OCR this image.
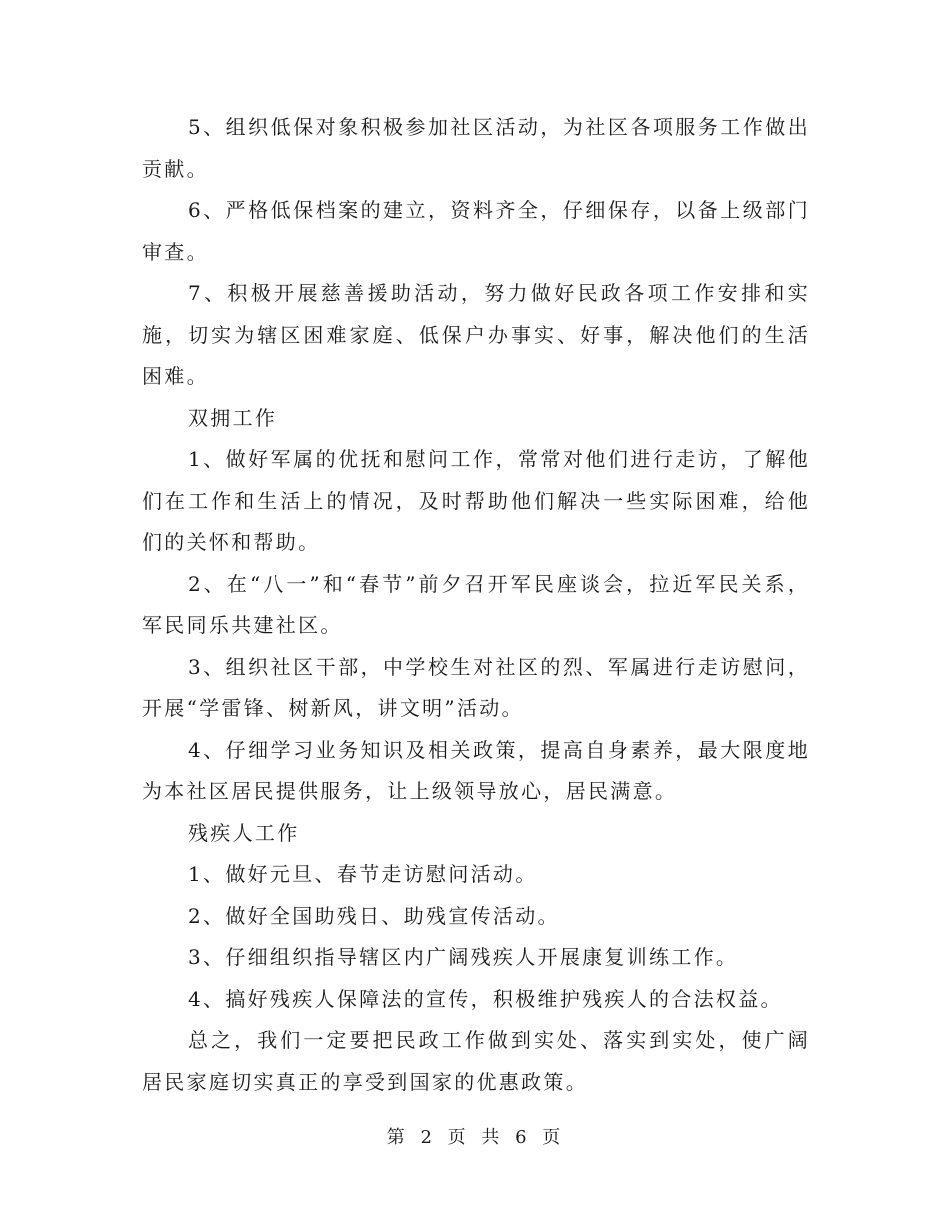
5、组织低保对象积极参加社区活动，为社区各项服务工作做出贡献。

6、严格低保档案的建立，资料齐全，仔细保存，以备上级部门审查。

7、积极开展慈善援助活动，努力做好民政各项工作安排和实施，切实为辖区困难家庭、低保户办事实、好事，解决他们的生活困难。

双拥工作

1、做好军属的优抚和慰问工作，常常对他们进行走访，了解他们在工作和生活上的情况，及时帮助他们解决一些实际困难，给他们的关怀和帮助。

2、在“八一”和“春节”前夕召开军民座谈会，拉近军民关系，军民同乐共建社区。

3、组织社区干部，中学校生对社区的烈、军属进行走访慰问，开展“学雷锋、树新风，讲文明”活动。

4、仔细学习业务知识及相关政策，提高自身素养，最大限度地为本社区居民提供服务，让上级领导放心，居民满意。

残疾人工作

1、做好元旦、春节走访慰问活动。

2、做好全国助残日、助残宣传活动。

3、仔细组织指导辖区内广阔残疾人开展康复训练工作。

4、搞好残疾人保障法的宣传，积极维护残疾人的合法权益。

总之，我们一定要把民政工作做到实处、落实到实处，使广阔居民家庭切实真正的享受到国家的优惠政策。

第 2 页 共 6 页
